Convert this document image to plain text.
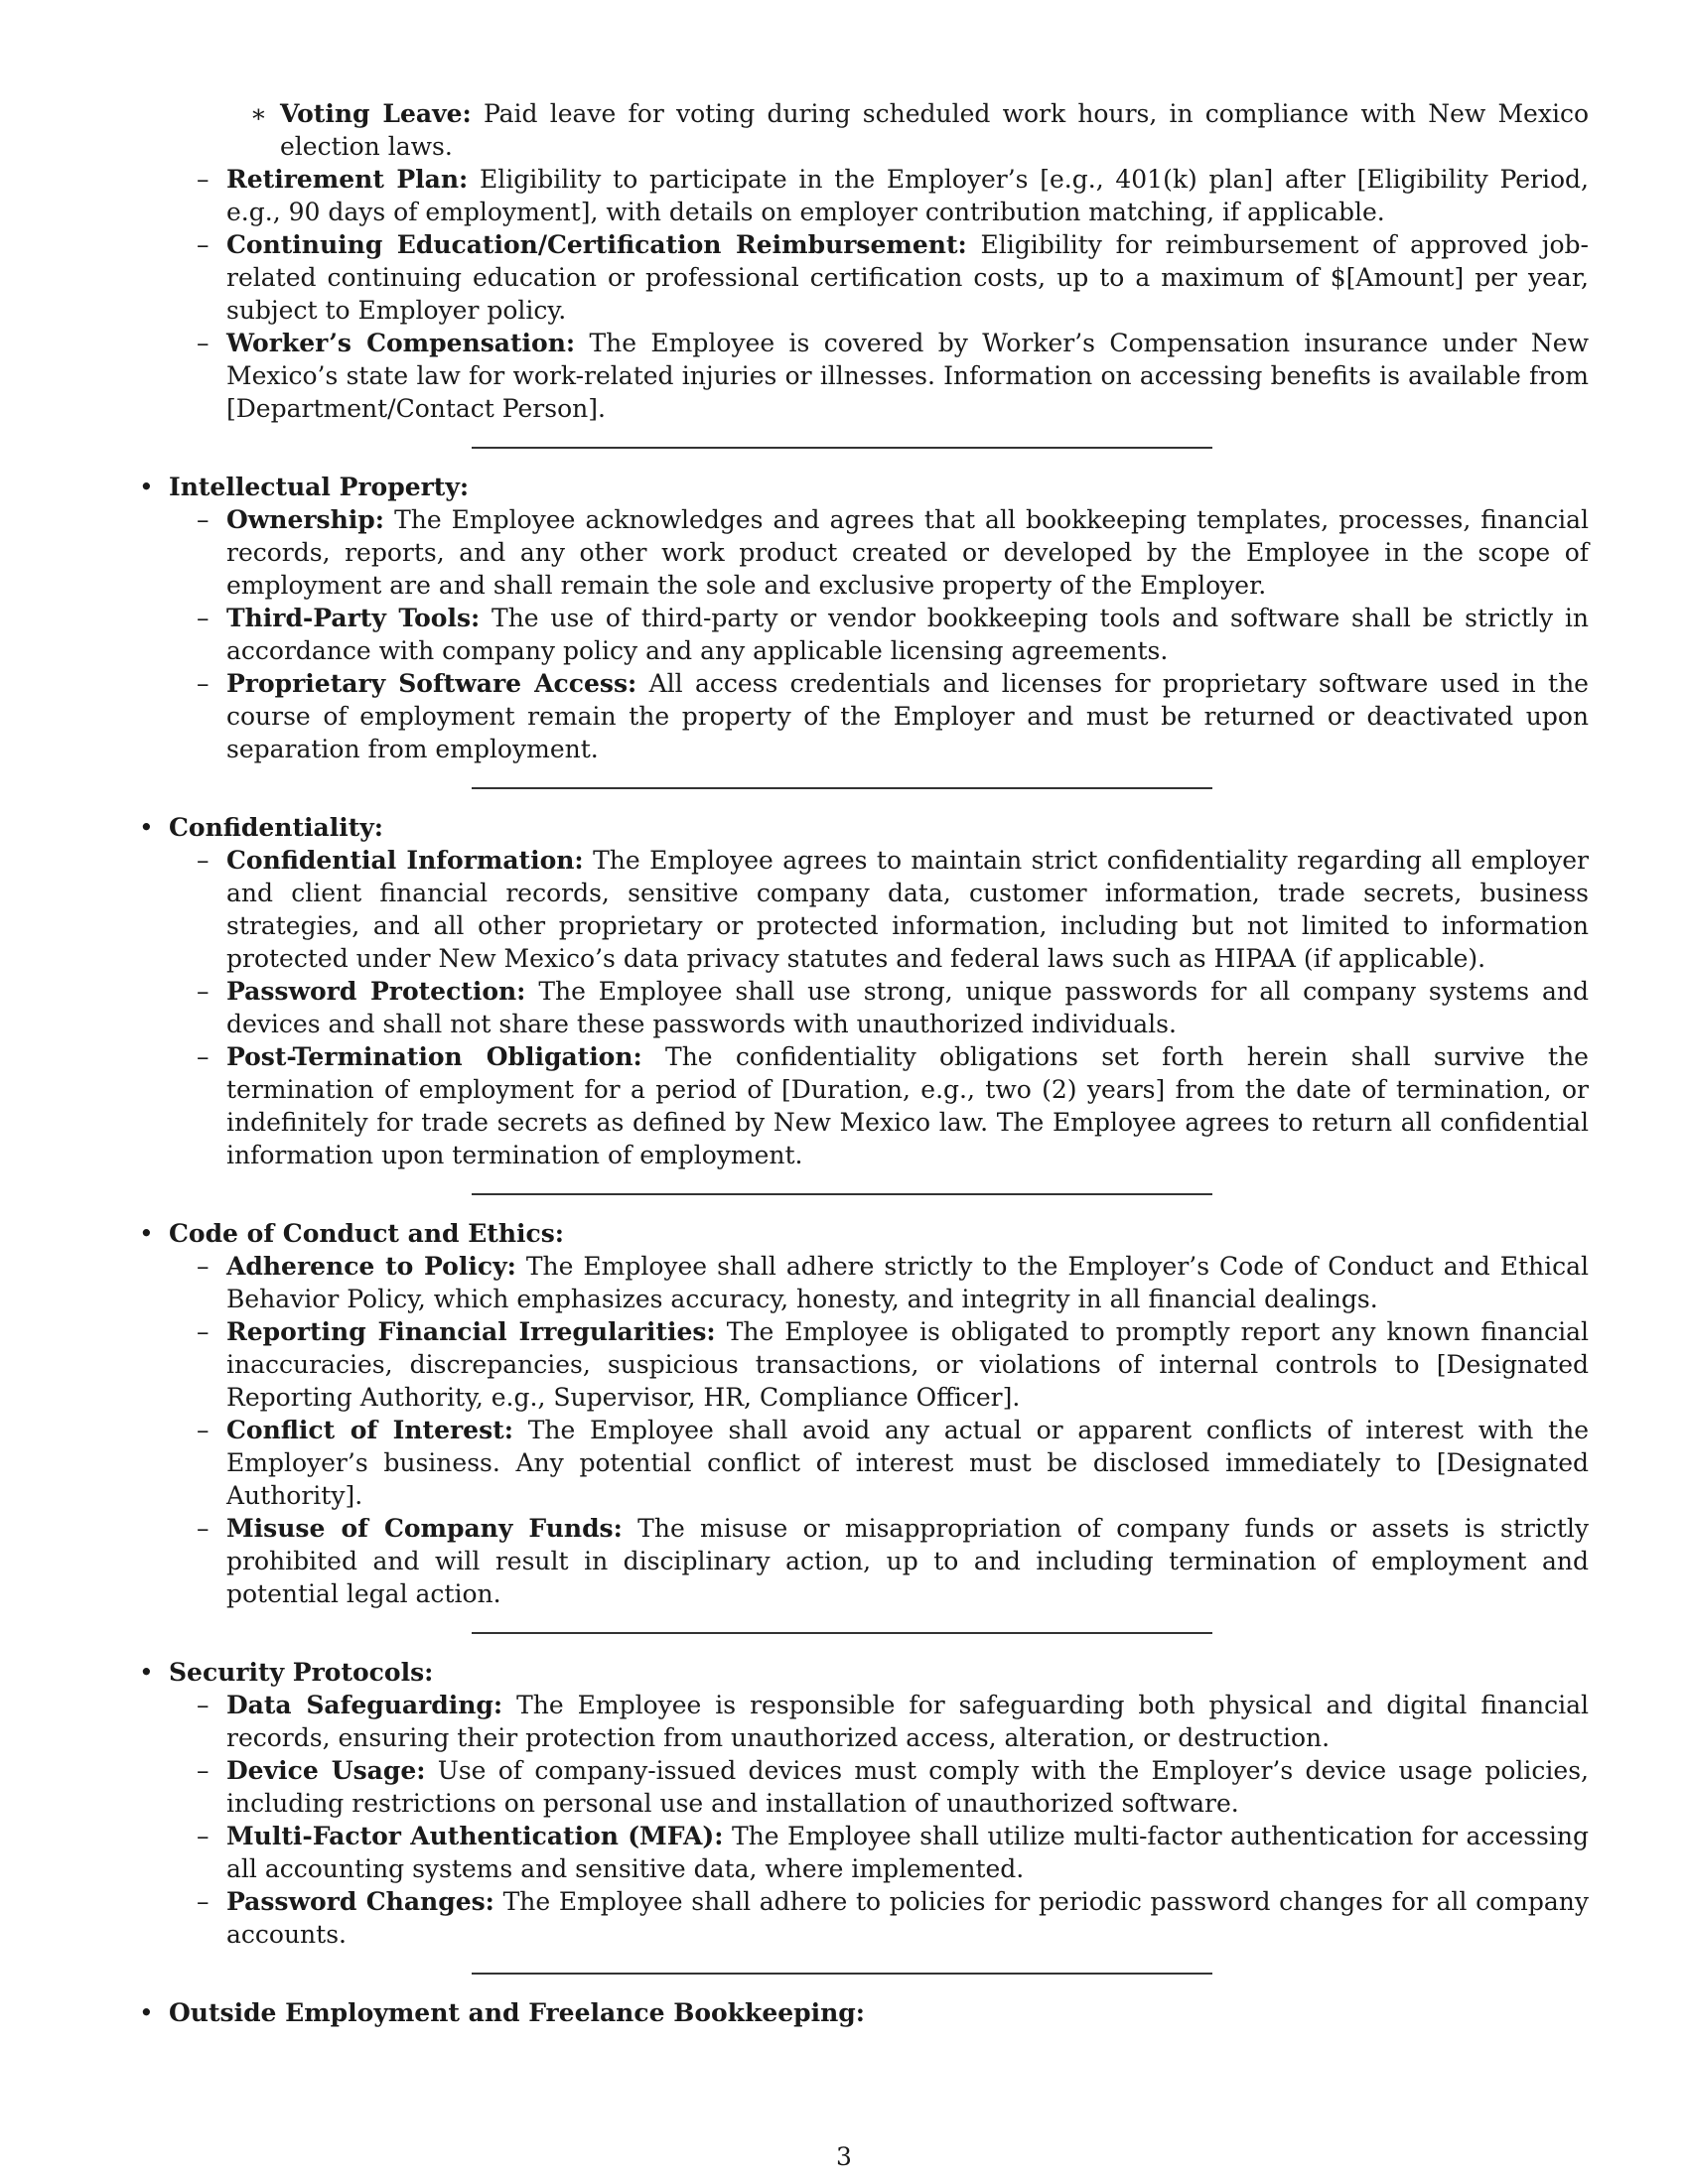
∗ Voting Leave: Paid leave for voting during scheduled work hours, in compliance with New Mexico election laws.
– Retirement Plan: Eligibility to participate in the Employer’s [e.g., 401(k) plan] after [Eligibility Period, e.g., 90 days of employment], with details on employer contribution matching, if applicable.
– Continuing Education/Certification Reimbursement: Eligibility for reimbursement of approved job-related continuing education or professional certification costs, up to a maximum of $[Amount] per year, subject to Employer policy.
– Worker’s Compensation: The Employee is covered by Worker’s Compensation insurance under New Mexico’s state law for work-related injuries or illnesses. Information on accessing benefits is available from [Department/Contact Person].
• Intellectual Property:
– Ownership: The Employee acknowledges and agrees that all bookkeeping templates, processes, financial records, reports, and any other work product created or developed by the Employee in the scope of employment are and shall remain the sole and exclusive property of the Employer.
– Third-Party Tools: The use of third-party or vendor bookkeeping tools and software shall be strictly in accordance with company policy and any applicable licensing agreements.
– Proprietary Software Access: All access credentials and licenses for proprietary software used in the course of employment remain the property of the Employer and must be returned or deactivated upon separation from employment.
• Confidentiality:
– Confidential Information: The Employee agrees to maintain strict confidentiality regarding all employer and client financial records, sensitive company data, customer information, trade secrets, business strategies, and all other proprietary or protected information, including but not limited to information protected under New Mexico’s data privacy statutes and federal laws such as HIPAA (if applicable).
– Password Protection: The Employee shall use strong, unique passwords for all company systems and devices and shall not share these passwords with unauthorized individuals.
– Post-Termination Obligation: The confidentiality obligations set forth herein shall survive the termination of employment for a period of [Duration, e.g., two (2) years] from the date of termination, or indefinitely for trade secrets as defined by New Mexico law. The Employee agrees to return all confidential information upon termination of employment.
• Code of Conduct and Ethics:
– Adherence to Policy: The Employee shall adhere strictly to the Employer’s Code of Conduct and Ethical Behavior Policy, which emphasizes accuracy, honesty, and integrity in all financial dealings.
– Reporting Financial Irregularities: The Employee is obligated to promptly report any known financial inaccuracies, discrepancies, suspicious transactions, or violations of internal controls to [Designated Reporting Authority, e.g., Supervisor, HR, Compliance Officer].
– Conflict of Interest: The Employee shall avoid any actual or apparent conflicts of interest with the Employer’s business. Any potential conflict of interest must be disclosed immediately to [Designated Authority].
– Misuse of Company Funds: The misuse or misappropriation of company funds or assets is strictly prohibited and will result in disciplinary action, up to and including termination of employment and potential legal action.
• Security Protocols:
– Data Safeguarding: The Employee is responsible for safeguarding both physical and digital financial records, ensuring their protection from unauthorized access, alteration, or destruction.
– Device Usage: Use of company-issued devices must comply with the Employer’s device usage policies, including restrictions on personal use and installation of unauthorized software.
– Multi-Factor Authentication (MFA): The Employee shall utilize multi-factor authentication for accessing all accounting systems and sensitive data, where implemented.
– Password Changes: The Employee shall adhere to policies for periodic password changes for all company accounts.
• Outside Employment and Freelance Bookkeeping:
3
